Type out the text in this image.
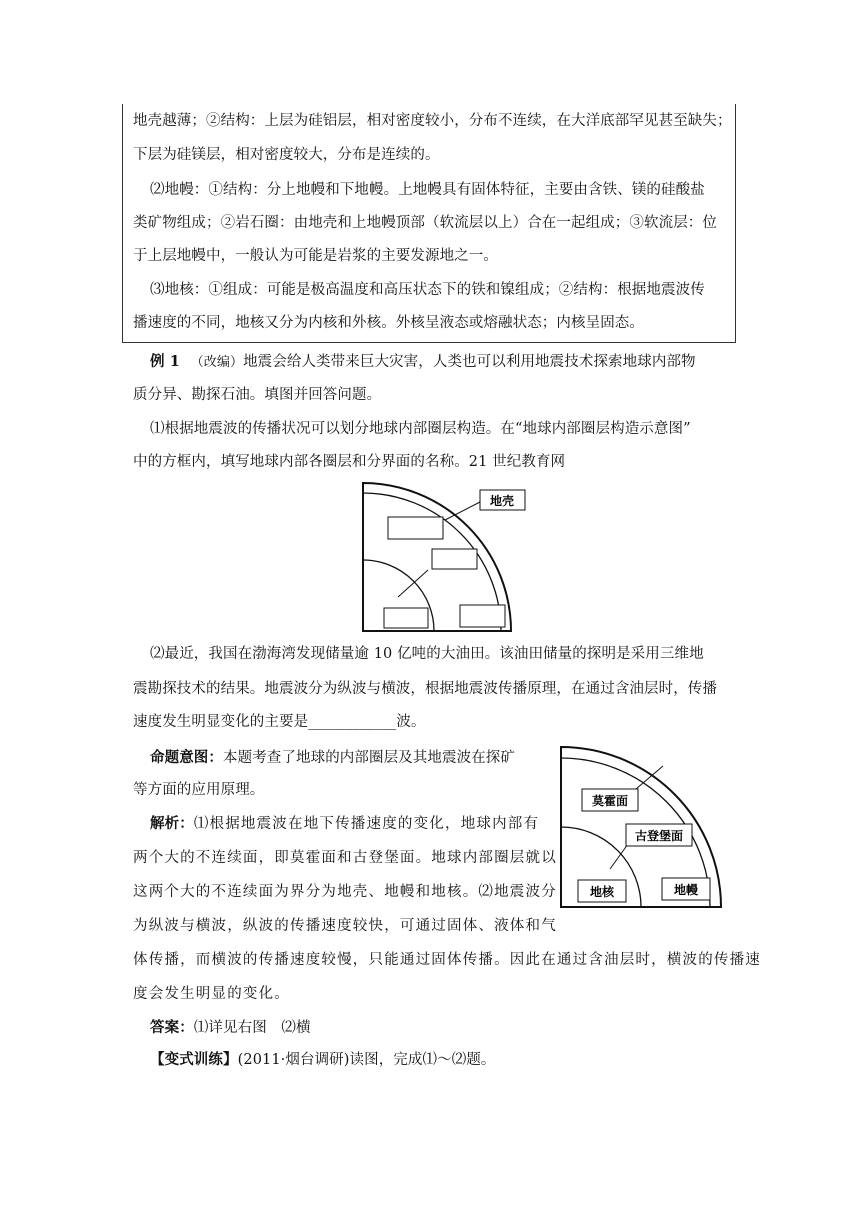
地壳越薄；②结构：上层为硅铝层，相对密度较小，分布不连续，在大洋底部罕见甚至缺失；
下层为硅镁层，相对密度较大，分布是连续的。
⑵地幔：①结构：分上地幔和下地幔。上地幔具有固体特征，主要由含铁、镁的硅酸盐
类矿物组成；②岩石圈：由地壳和上地幔顶部（软流层以上）合在一起组成；③软流层：位
于上层地幔中，一般认为可能是岩浆的主要发源地之一。
⑶地核：①组成：可能是极高温度和高压状态下的铁和镍组成；②结构：根据地震波传
播速度的不同，地核又分为内核和外核。外核呈液态或熔融状态；内核呈固态。
例 1 （改编）地震会给人类带来巨大灾害，人类也可以利用地震技术探索地球内部物
质分异、勘探石油。填图并回答问题。
⑴根据地震波的传播状况可以划分地球内部圈层构造。在“地球内部圈层构造示意图”
中的方框内，填写地球内部各圈层和分界面的名称。21 世纪教育网
地壳
⑵最近，我国在渤海湾发现储量逾 10 亿吨的大油田。该油田储量的探明是采用三维地
震勘探技术的结果。地震波分为纵波与横波，根据地震波传播原理，在通过含油层时，传播
速度发生明显变化的主要是____________波。
命题意图：本题考查了地球的内部圈层及其地震波在探矿
等方面的应用原理。
莫霍面
古登堡面
地核	地幔
解析：⑴根据地震波在地下传播速度的变化，地球内部有
两个大的不连续面，即莫霍面和古登堡面。地球内部圈层就以
这两个大的不连续面为界分为地壳、地幔和地核。⑵地震波分
为纵波与横波，纵波的传播速度较快，可通过固体、液体和气
体传播，而横波的传播速度较慢，只能通过固体传播。因此在通过含油层时，横波的传播速
度会发生明显的变化。
答案：⑴详见右图　⑵横
【变式训练】(2011·烟台调研)读图，完成⑴～⑵题。
